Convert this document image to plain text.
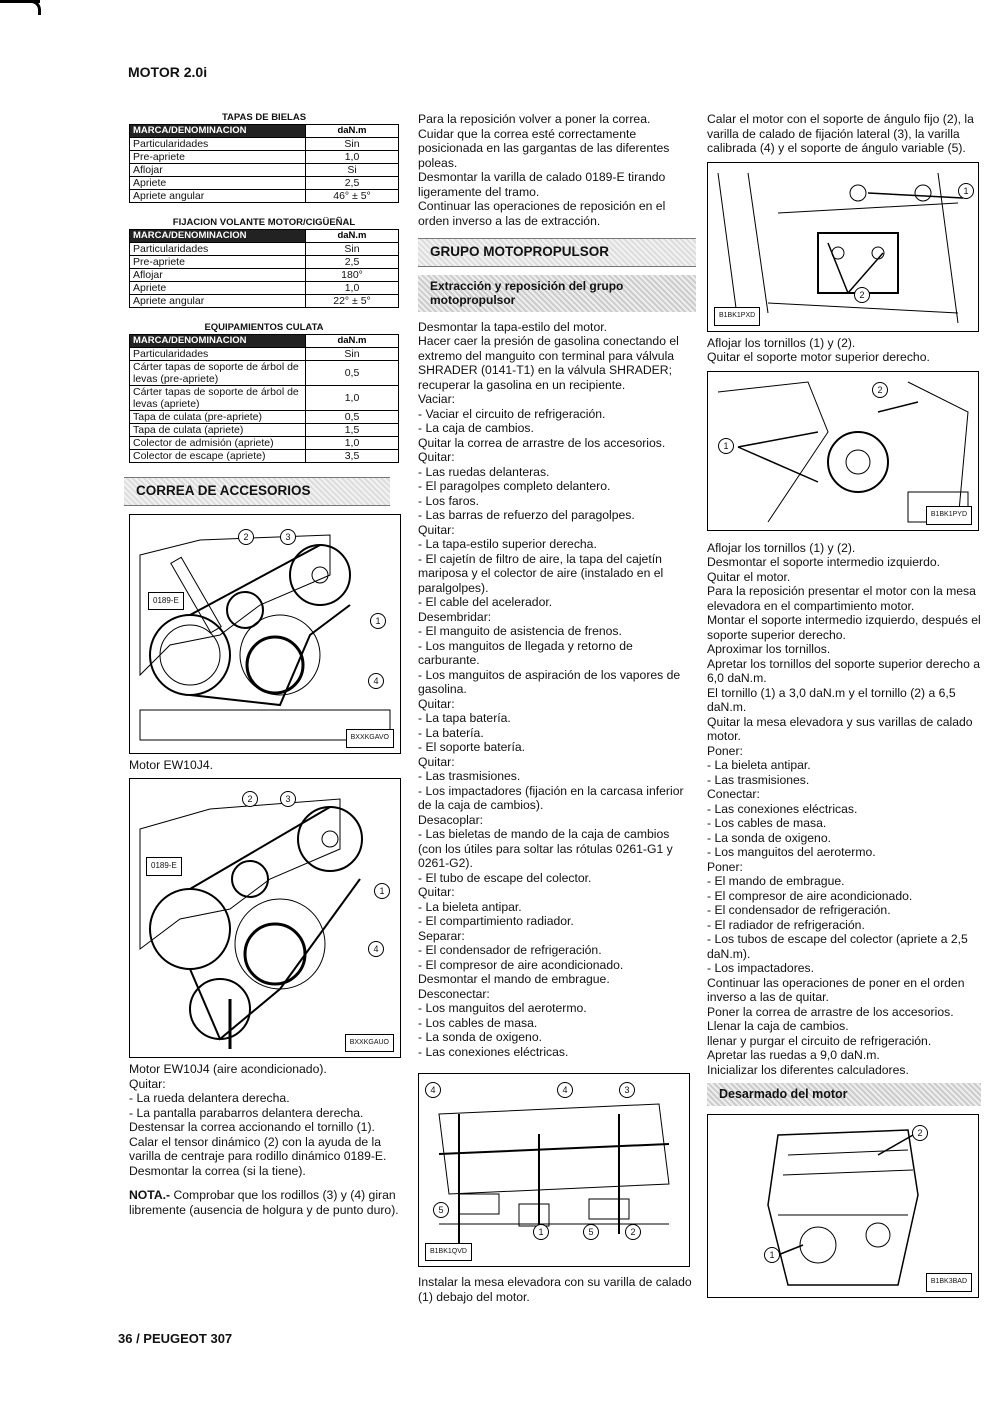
MOTOR 2.0i
TAPAS DE BIELAS	
MARCA/DENOMINACION	daN.m
Particularidades	Sin
Pre-apriete	1,0
Aflojar	Si
Apriete	2,5
Apriete angular	46° ± 5°
FIJACION VOLANTE MOTOR/CIGÜEÑAL	
MARCA/DENOMINACION	daN.m
Particularidades	Sin
Pre-apriete	2,5
Aflojar	180°
Apriete	1,0
Apriete angular	22° ± 5°
EQUIPAMIENTOS CULATA	
MARCA/DENOMINACION	daN.m
Particularidades	Sin
Cárter tapas de soporte de árbol de levas (pre-apriete)	0,5
Cárter tapas de soporte de árbol de levas (apriete)	1,0
Tapa de culata (pre-apriete)	0,5
Tapa de culata (apriete)	1,5
Colector de admisión (apriete)	1,0
Colector de escape (apriete)	3,5
CORREA DE ACCESORIOS
0189-E
2	3
1
4
BXXKGAVO
Motor EW10J4.
0189-E
2	3
1
4
BXXKGAUO
Motor EW10J4 (aire acondicionado).

Quitar:

- La rueda delantera derecha.

- La pantalla parabarros delantera derecha.

Destensar la correa accionando el tornillo (1).

Calar el tensor dinámico (2) con la ayuda de la varilla de centraje para rodillo dinámico 0189-E.

Desmontar la correa (si la tiene).

NOTA.- Comprobar que los rodillos (3) y (4) giran libremente (ausencia de holgura y de punto duro).

Para la reposición volver a poner la correa.

Cuidar que la correa esté correctamente posicionada en las gargantas de las diferentes poleas.

Desmontar la varilla de calado 0189-E tirando ligeramente del tramo.

Continuar las operaciones de reposición en el orden inverso a las de extracción.

GRUPO MOTOPROPULSOR
Extracción y reposición del grupo motopropulsor

Desmontar la tapa-estilo del motor.

Hacer caer la presión de gasolina conectando el extremo del manguito con terminal para válvula SHRADER (0141-T1) en la válvula SHRADER; recuperar la gasolina en un recipiente.

Vaciar:

- Vaciar el circuito de refrigeración.

- La caja de cambios.

Quitar la correa de arrastre de los accesorios.

Quitar:

- Las ruedas delanteras.

- El paragolpes completo delantero.

- Los faros.

- Las barras de refuerzo del paragolpes.

Quitar:

- La tapa-estilo superior derecha.

- El cajetín de filtro de aire, la tapa del cajetín mariposa y el colector de aire (instalado en el paralgolpes).

- El cable del acelerador.

Desembridar:

- El manguito de asistencia de frenos.

- Los manguitos de llegada y retorno de carburante.

- Los manguitos de aspiración de los vapores de gasolina.

Quitar:

- La tapa batería.

- La batería.

- El soporte batería.

Quitar:

- Las trasmisiones.

- Los impactadores (fijación en la carcasa inferior de la caja de cambios).

Desacoplar:

- Las bieletas de mando de la caja de cambios (con los útiles para soltar las rótulas 0261-G1 y 0261-G2).

- El tubo de escape del colector.

Quitar:

- La bieleta antipar.

- El compartimiento radiador.

Separar:

- El condensador de refrigeración.

- El compresor de aire acondicionado.

Desmontar el mando de embrague.

Desconectar:

- Los manguitos del aerotermo.

- Los cables de masa.

- La sonda de oxigeno.

- Las conexiones eléctricas.

4	4	3
5
1	5	2
B1BK1QVD
Instalar la mesa elevadora con su varilla de calado (1) debajo del motor.

Calar el motor con el soporte de ángulo fijo (2), la varilla de calado de fijación lateral (3), la varilla calibrada (4) y el soporte de ángulo variable (5).

1
2
B1BK1PXD
Aflojar los tornillos (1) y (2).
Quitar el soporte motor superior derecho.
2
1
B1BK1PYD

Aflojar los tornillos (1) y (2).

Desmontar el soporte intermedio izquierdo.

Quitar el motor.

Para la reposición presentar el motor con la mesa elevadora en el compartimiento motor.

Montar el soporte intermedio izquierdo, después el soporte superior derecho.

Aproximar los tornillos.

Apretar los tornillos del soporte superior derecho a 6,0 daN.m.

El tornillo (1) a 3,0 daN.m y el tornillo (2) a 6,5 daN.m.

Quitar la mesa elevadora y sus varillas de calado motor.

Poner:

- La bieleta antipar.

- Las trasmisiones.

Conectar:

- Las conexiones eléctricas.

- Los cables de masa.

- La sonda de oxigeno.

- Los manguitos del aerotermo.

Poner:

- El mando de embrague.

- El compresor de aire acondicionado.

- El condensador de refrigeración.

- El radiador de refrigeración.

- Los tubos de escape del colector (apriete a 2,5 daN.m).

- Los impactadores.

Continuar las operaciones de poner en el orden inverso a las de quitar.

Poner la correa de arrastre de los accesorios.

Llenar la caja de cambios.

llenar y purgar el circuito de refrigeración.

Apretar las ruedas a 9,0 daN.m.

Inicializar los diferentes calculadores.

Desarmado del motor
2
1
B1BK3BAD
36 / PEUGEOT 307
